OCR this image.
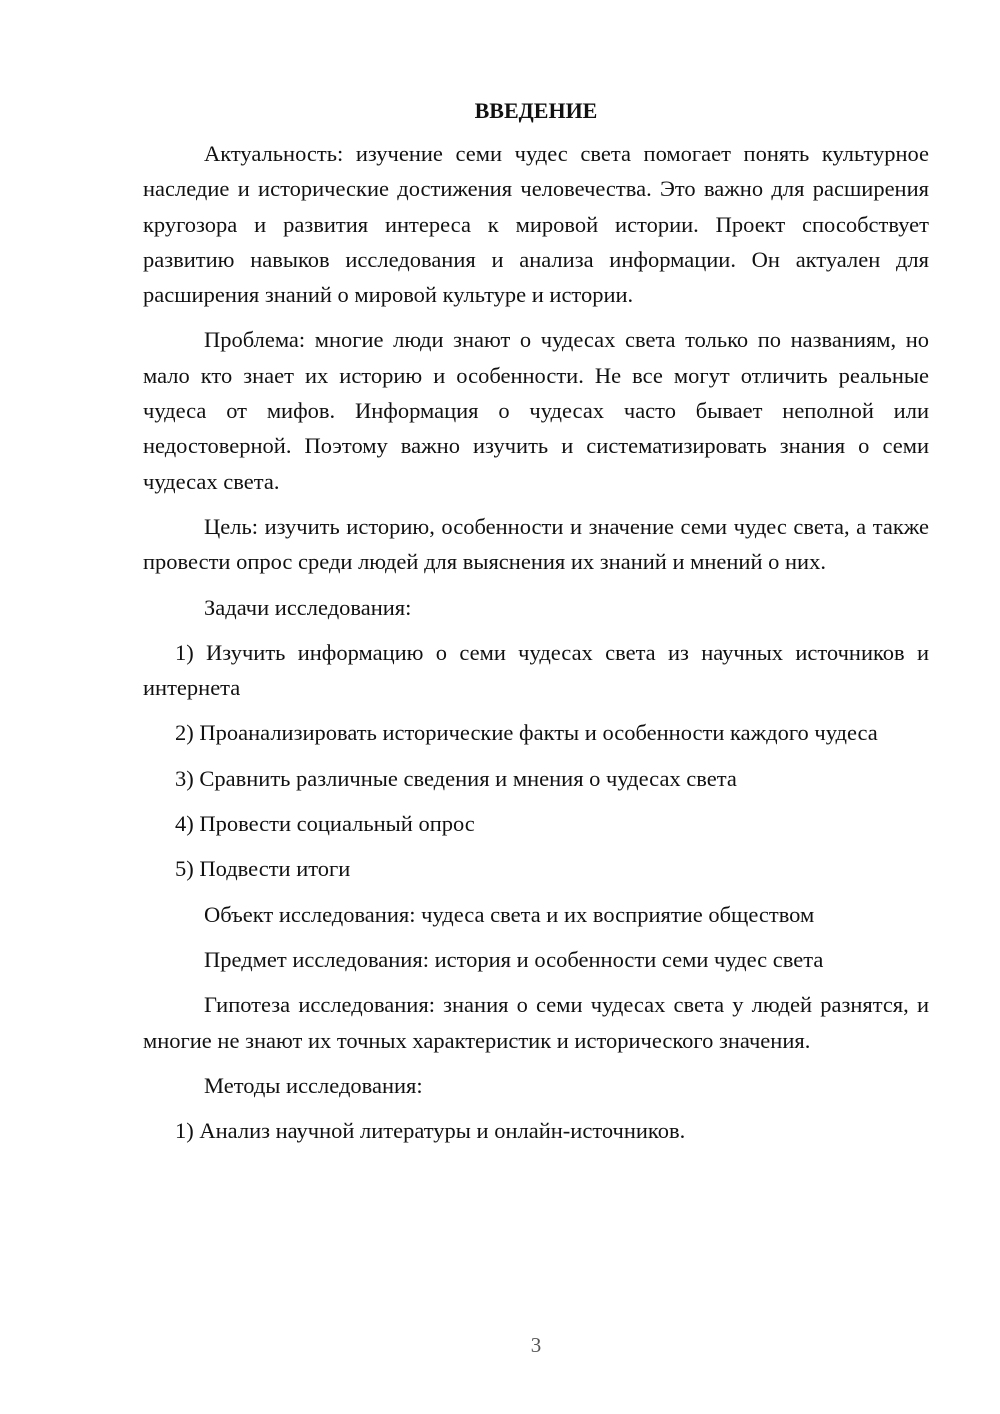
ВВЕДЕНИЕ

Актуальность: изучение семи чудес света помогает понять культурное наследие и исторические достижения человечества. Это важно для расширения кругозора и развития интереса к мировой истории. Проект способствует развитию навыков исследования и анализа информации. Он актуален для расширения знаний о мировой культуре и истории.

Проблема: многие люди знают о чудесах света только по названиям, но мало кто знает их историю и особенности. Не все могут отличить реальные чудеса от мифов. Информация о чудесах часто бывает неполной или недостоверной. Поэтому важно изучить и систематизировать знания о семи чудесах света.

Цель: изучить историю, особенности и значение семи чудес света, а также провести опрос среди людей для выяснения их знаний и мнений о них.

Задачи исследования:

1) Изучить информацию о семи чудесах света из научных источников и интернета

2) Проанализировать исторические факты и особенности каждого чудеса

3) Сравнить различные сведения и мнения о чудесах света

4) Провести социальный опрос

5) Подвести итоги

Объект исследования: чудеса света и их восприятие обществом

Предмет исследования: история и особенности семи чудес света

Гипотеза исследования: знания о семи чудесах света у людей разнятся, и многие не знают их точных характеристик и исторического значения.

Методы исследования:

1) Анализ научной литературы и онлайн-источников.

3
